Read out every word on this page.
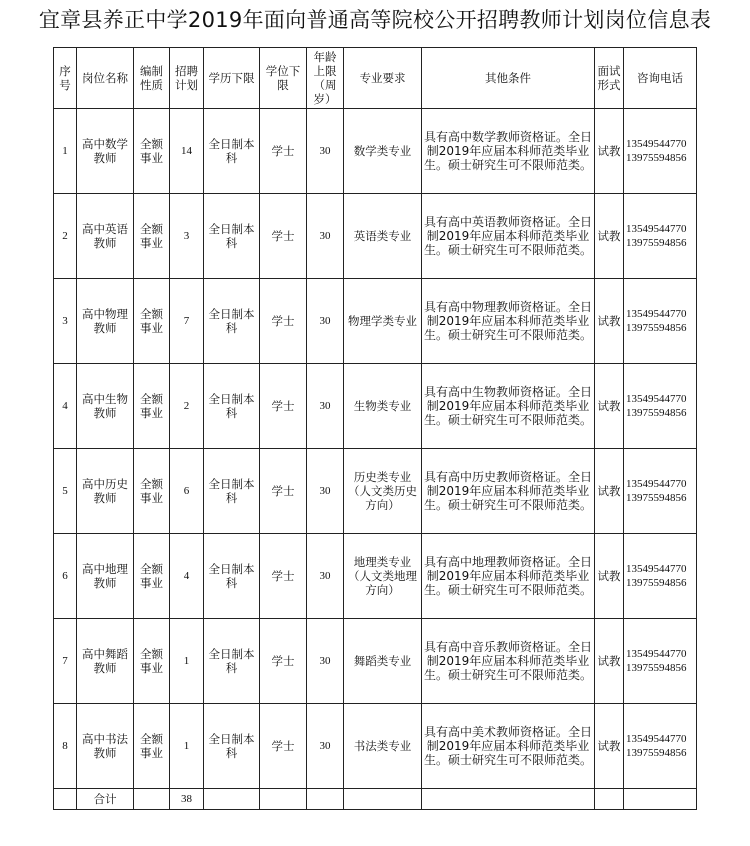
宜章县养正中学2019年面向普通高等院校公开招聘教师计划岗位信息表
序号	岗位名称	编制性质	招聘计划	学历下限	学位下限	年龄上限（周岁）	专业要求	其他条件	面试形式	咨询电话
1	高中数学教师	全额事业	14	全日制本科	学士	30	数学类专业	具有高中数学教师资格证。全日制2019年应届本科师范类毕业生。硕士研究生可不限师范类。	试教	13549544770
13975594856

2	高中英语教师	全额事业	3	全日制本科	学士	30	英语类专业	具有高中英语教师资格证。全日制2019年应届本科师范类毕业生。硕士研究生可不限师范类。	试教	13549544770
13975594856

3	高中物理教师	全额事业	7	全日制本科	学士	30	物理学类专业	具有高中物理教师资格证。全日制2019年应届本科师范类毕业生。硕士研究生可不限师范类。	试教	13549544770
13975594856

4	高中生物教师	全额事业	2	全日制本科	学士	30	生物类专业	具有高中生物教师资格证。全日制2019年应届本科师范类毕业生。硕士研究生可不限师范类。	试教	13549544770
13975594856

5	高中历史教师	全额事业	6	全日制本科	学士	30	历史类专业（人文类历史方向）	具有高中历史教师资格证。全日制2019年应届本科师范类毕业生。硕士研究生可不限师范类。	试教	13549544770
13975594856

6	高中地理教师	全额事业	4	全日制本科	学士	30	地理类专业（人文类地理方向）	具有高中地理教师资格证。全日制2019年应届本科师范类毕业生。硕士研究生可不限师范类。	试教	13549544770
13975594856

7	高中舞蹈教师	全额事业	1	全日制本科	学士	30	舞蹈类专业	具有高中音乐教师资格证。全日制2019年应届本科师范类毕业生。硕士研究生可不限师范类。	试教	13549544770
13975594856

8	高中书法教师	全额事业	1	全日制本科	学士	30	书法类专业	具有高中美术教师资格证。全日制2019年应届本科师范类毕业生。硕士研究生可不限师范类。	试教	13549544770
13975594856

	合计		38							
